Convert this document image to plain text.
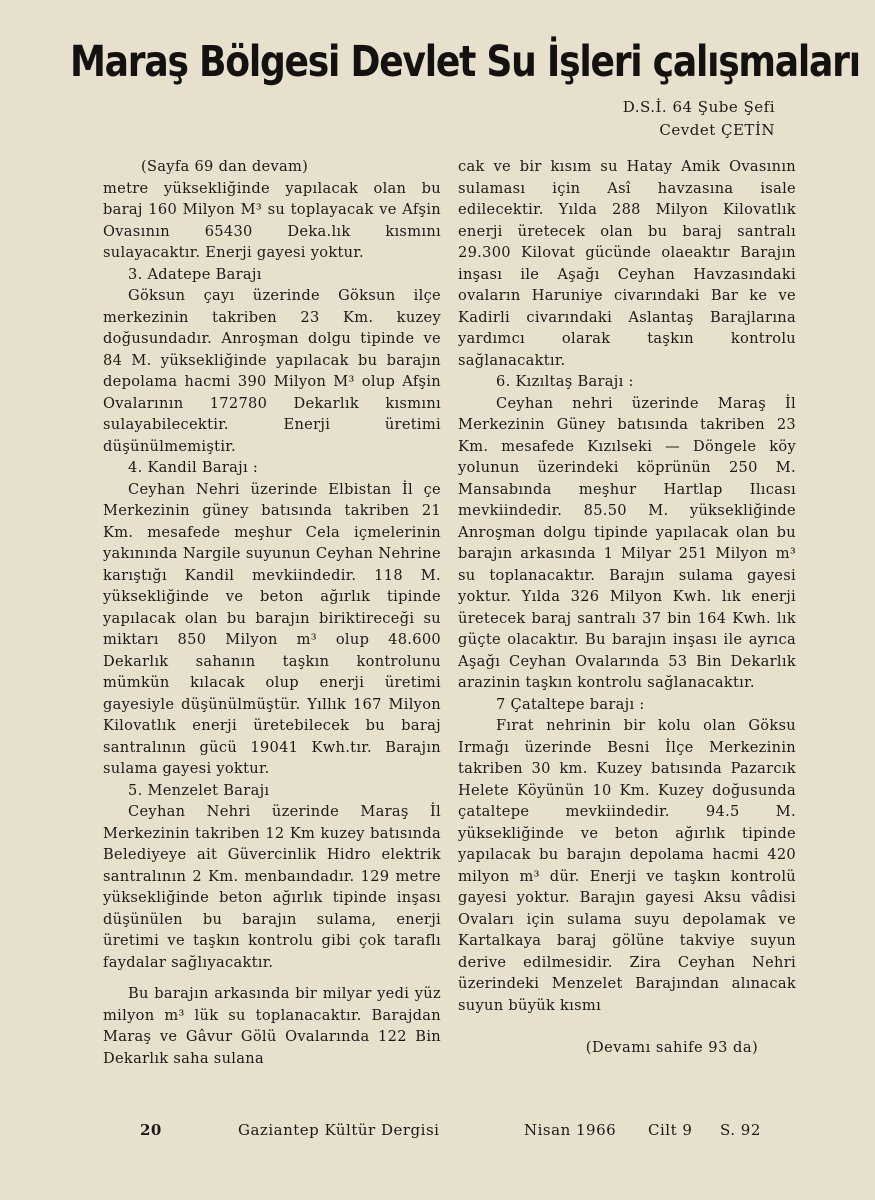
Maraş Bölgesi Devlet Su İşleri çalışmaları
D.S.İ. 64 Şube Şefi
Cevdet ÇETİN

(Sayfa 69 dan devam)

metre yüksekliğinde yapılacak olan bu baraj 160 Milyon M³ su toplayacak ve Afşin Ovasının 65430 Deka.lık kısmını sulayacaktır. Enerji gayesi yoktur.

3. Adatepe Barajı

Göksun çayı üzerinde Göksun ilçe merkezinin takriben 23 Km. kuzey doğusundadır. Anroşman dolgu tipinde ve 84 M. yüksekliğinde yapılacak bu barajın depolama hacmi 390 Milyon M³ olup Afşin Ovalarının 172780 Dekarlık kısmını sulayabilecektir. Enerji üretimi düşünülmemiştir.

4. Kandil Barajı :

Ceyhan Nehri üzerinde Elbistan İl çe Merkezinin güney batısında takriben 21 Km. mesafede meşhur Cela içmelerinin yakınında Nargile suyunun Ceyhan Nehrine karıştığı Kandil mevkiindedir. 118 M. yüksekliğinde ve beton ağırlık tipinde yapılacak olan bu barajın biriktireceği su miktarı 850 Milyon m³ olup 48.600 Dekarlık sahanın taşkın kontrolunu mümkün kılacak olup enerji üretimi gayesiyle düşünülmüştür. Yıllık 167 Milyon Kilovatlık enerji üretebilecek bu baraj santralının gücü 19041 Kwh.tır. Barajın sulama gayesi yoktur.

5. Menzelet Barajı

Ceyhan Nehri üzerinde Maraş İl Merkezinin takriben 12 Km kuzey batısında Belediyeye ait Güvercinlik Hidro elektrik santralının 2 Km. menbaındadır. 129 metre yüksekliğinde beton ağırlık tipinde inşası düşünülen bu barajın sulama, enerji üretimi ve taşkın kontrolu gibi çok taraflı faydalar sağlıyacaktır.

Bu barajın arkasında bir milyar yedi yüz milyon m³ lük su toplanacaktır. Barajdan Maraş ve Gâvur Gölü Ovalarında 122 Bin Dekarlık saha sulana

cak ve bir kısım su Hatay Amik Ovasının sulaması için Asî havzasına isale edilecektir. Yılda 288 Milyon Kilovatlık enerji üretecek olan bu baraj santralı 29.300 Kilovat gücünde olaeaktır Barajın inşası ile Aşağı Ceyhan Havzasındaki ovaların Haruniye civarındaki Bar ke ve Kadirli civarındaki Aslantaş Barajlarına yardımcı olarak taşkın kontrolu sağlanacaktır.

6. Kızıltaş Barajı :

Ceyhan nehri üzerinde Maraş İl Merkezinin Güney batısında takriben 23 Km. mesafede Kızılseki — Döngele köy yolunun üzerindeki köprünün 250 M. Mansabında meşhur Hartlap Ilıcası mevkiindedir. 85.50 M. yüksekliğinde Anroşman dolgu tipinde yapılacak olan bu barajın arkasında 1 Milyar 251 Milyon m³ su toplanacaktır. Barajın sulama gayesi yoktur. Yılda 326 Milyon Kwh. lık enerji üretecek baraj santralı 37 bin 164 Kwh. lık güçte olacaktır. Bu barajın inşası ile ayrıca Aşağı Ceyhan Ovalarında 53 Bin Dekarlık arazinin taşkın kontrolu sağlanacaktır.

7 Çataltepe barajı :

Fırat nehrinin bir kolu olan Göksu Irmağı üzerinde Besni İlçe Merkezinin takriben 30 km. Kuzey batısında Pazarcık Helete Köyünün 10 Km. Kuzey doğusunda çataltepe mevkiindedir. 94.5 M. yüksekliğinde ve beton ağırlık tipinde yapılacak bu barajın depolama hacmi 420 milyon m³ dür. Enerji ve taşkın kontrolü gayesi yoktur. Barajın gayesi Aksu vâdisi Ovaları için sulama suyu depolamak ve Kartalkaya baraj gölüne takviye suyun derive edilmesidir. Zira Ceyhan Nehri üzerindeki Menzelet Barajından alınacak suyun büyük kısmı

(Devamı sahife 93 da)

20	Gaziantep Kültür Dergisi	Nisan 1966 Cilt 9 S. 92
